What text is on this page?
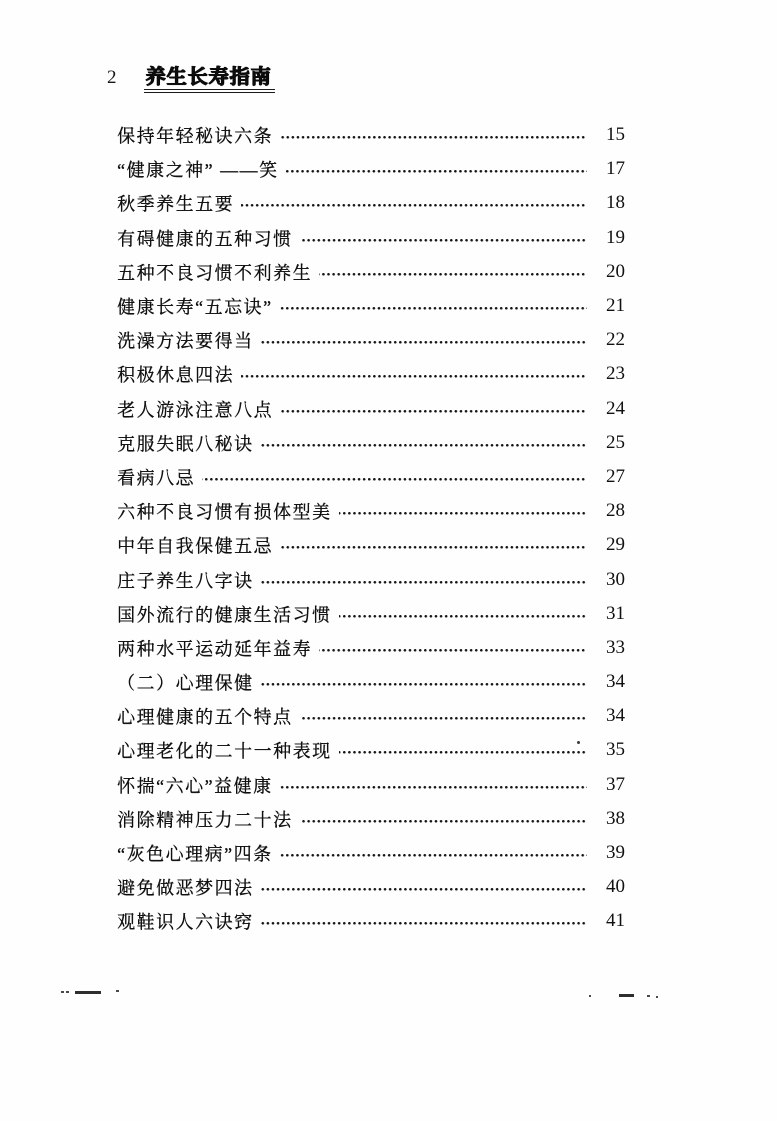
2 养生长寿指南
保持年轻秘诀六条	15
“健康之神” ——笑	17
秋季养生五要	18
有碍健康的五种习惯	19
五种不良习惯不利养生	20
健康长寿“五忘诀”	21
洗澡方法要得当	22
积极休息四法	23
老人游泳注意八点	24
克服失眠八秘诀	25
看病八忌	27
六种不良习惯有损体型美	28
中年自我保健五忌	29
庄子养生八字诀	30
国外流行的健康生活习惯	31
两种水平运动延年益寿	33
（二）心理保健	34
心理健康的五个特点	34
心理老化的二十一种表现	35
怀揣“六心”益健康	37
消除精神压力二十法	38
“灰色心理病”四条	39
避免做恶梦四法	40
观鞋识人六诀窍	41
